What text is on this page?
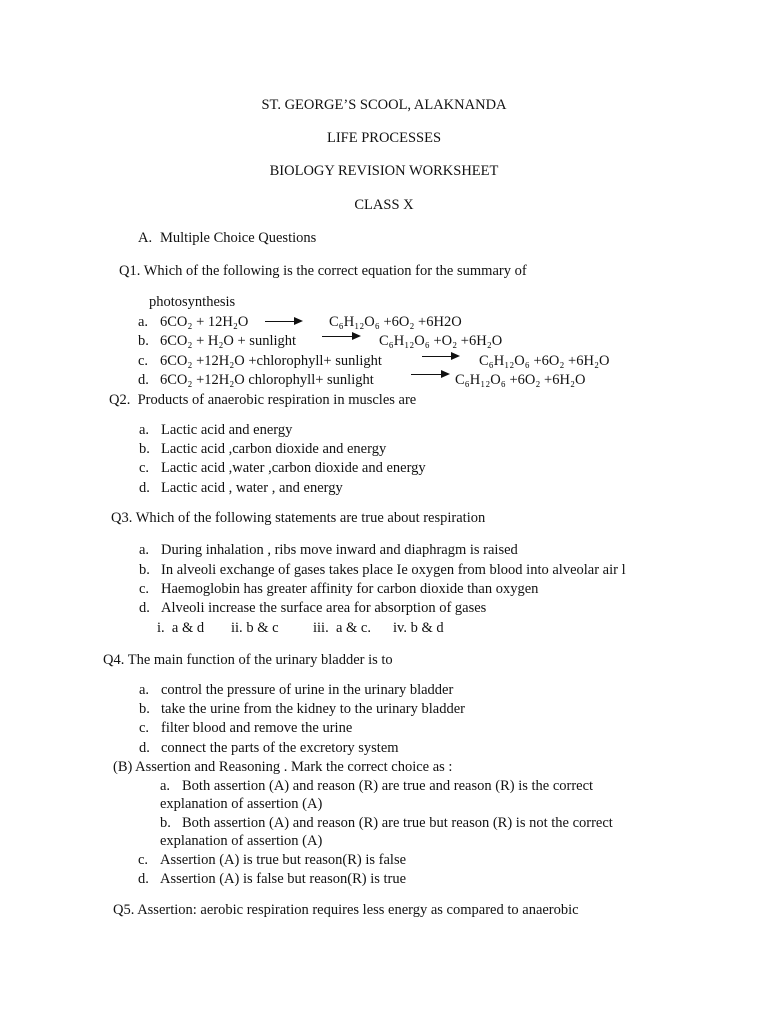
ST. GEORGE’S SCOOL, ALAKNANDA
LIFE PROCESSES
BIOLOGY REVISION WORKSHEET
CLASS X
A. Multiple Choice Questions
Q1. Which of the following is the correct equation for the summary of
photosynthesis
a. 6CO₂ + 12H₂O → C₆H₁₂O₆ +6O₂ +6H2O
b. 6CO₂ + H₂O + sunlight → C₆H₁₂O₆ +O₂ +6H₂O
c. 6CO₂ +12H₂O +chlorophyll+ sunlight	→ C₆H₁₂O₆ +6O₂ +6H₂O
d. 6CO₂ +12H₂O chlorophyll+ sunlight	→ C₆H₁₂O₆ +6O₂ +6H₂O
Q2. Products of anaerobic respiration in muscles are
a. Lactic acid and energy
b. Lactic acid ,carbon dioxide and energy
c. Lactic acid ,water ,carbon dioxide and energy
d. Lactic acid , water , and energy
Q3. Which of the following statements are true about respiration
a. During inhalation , ribs move inward and diaphragm is raised
b. In alveoli exchange of gases takes place Ie oxygen from blood into alveolar air l
c. Haemoglobin has greater affinity for carbon dioxide than oxygen
d. Alveoli increase the surface area for absorption of gases
i. a & d ii. b & c iii. a & c. iv. b & d
Q4. The main function of the urinary bladder is to
a. control the pressure of urine in the urinary bladder
b. take the urine from the kidney to the urinary bladder
c. filter blood and remove the urine
d. connect the parts of the excretory system
(B) Assertion and Reasoning . Mark the correct choice as :
a. Both assertion (A) and reason (R) are true and reason (R) is the correct
explanation of assertion (A)
b. Both assertion (A) and reason (R) are true but reason (R) is not the correct
explanation of assertion (A)
c. Assertion (A) is true but reason(R) is false
d. Assertion (A) is false but reason(R) is true
Q5. Assertion: aerobic respiration requires less energy as compared to anaerobic
